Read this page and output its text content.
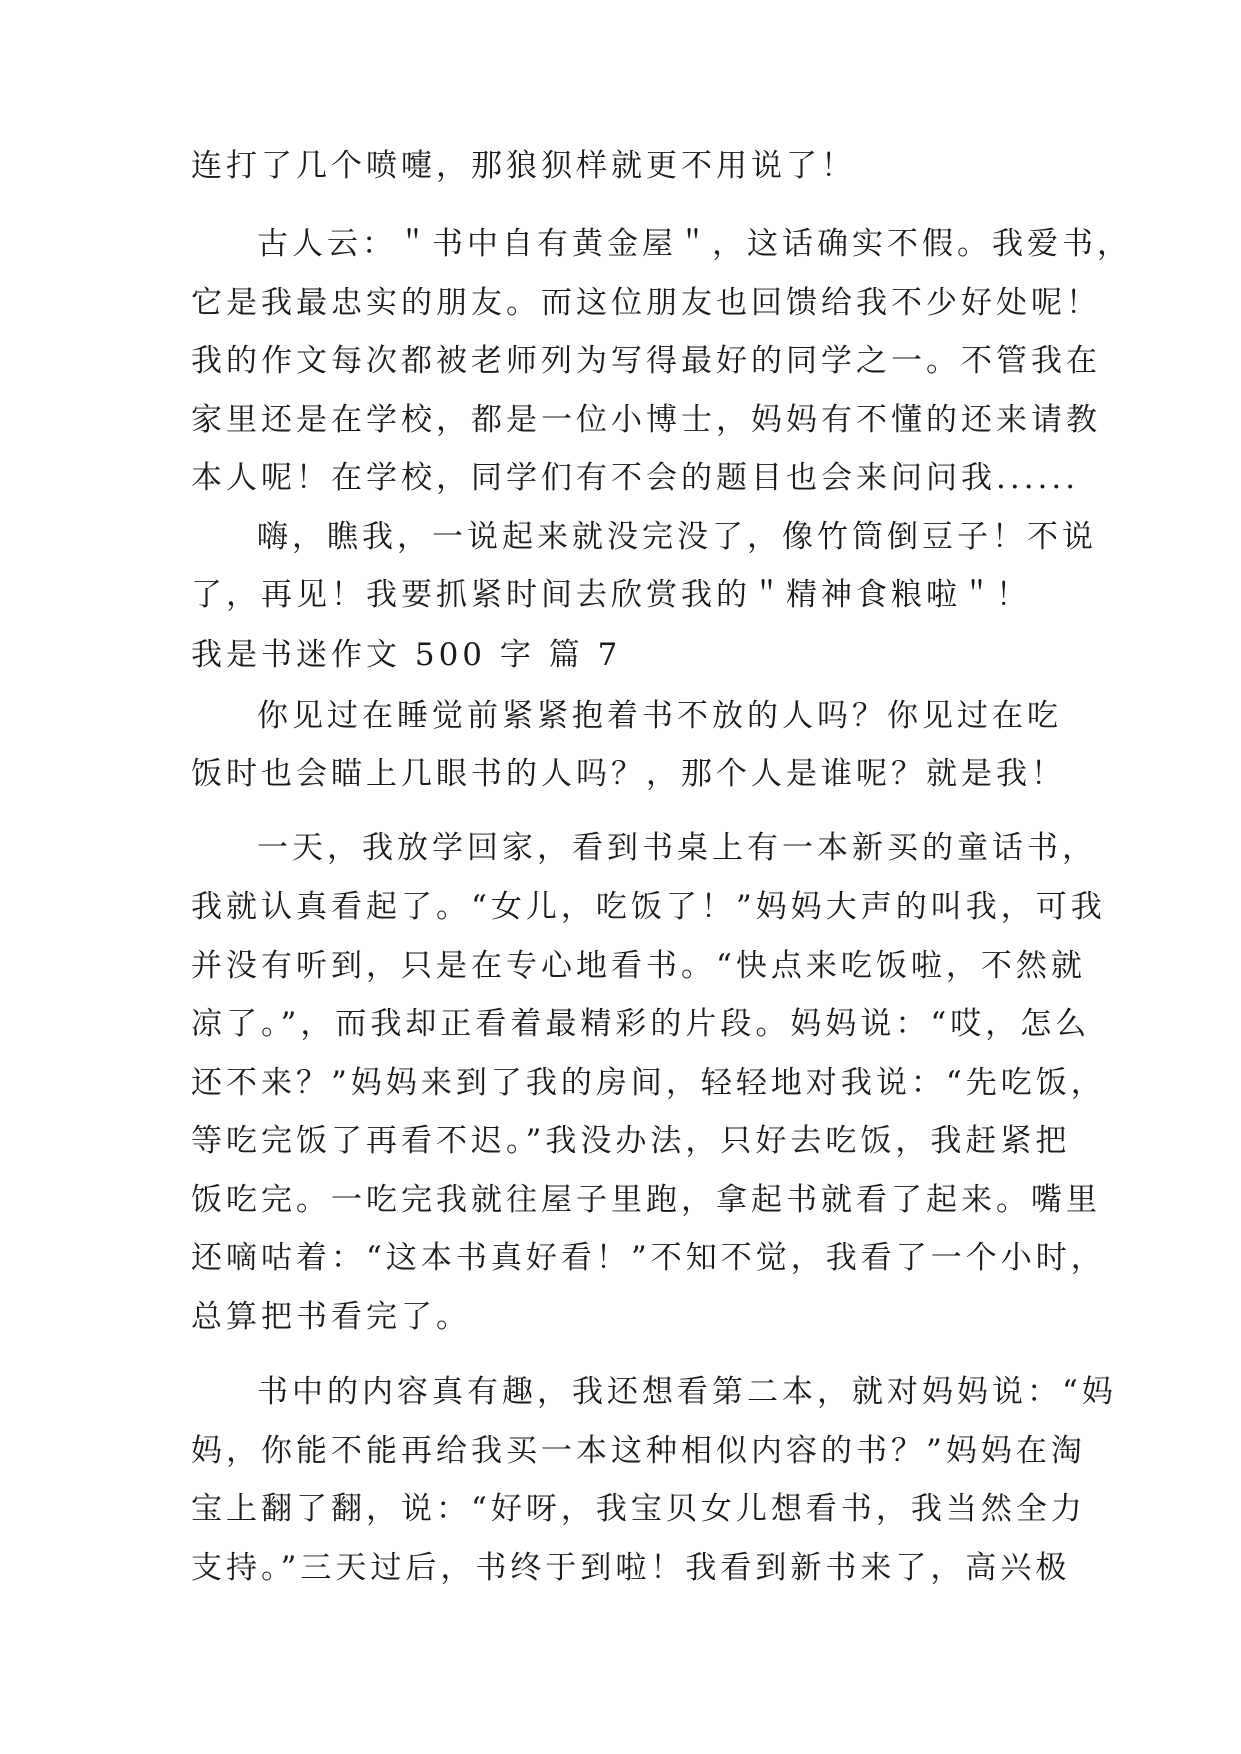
连打了几个喷嚏，那狼狈样就更不用说了！
古人云：＂书中自有黄金屋＂，这话确实不假。我爱书，
它是我最忠实的朋友。而这位朋友也回馈给我不少好处呢！
我的作文每次都被老师列为写得最好的同学之一。不管我在
家里还是在学校，都是一位小博士，妈妈有不懂的还来请教
本人呢！在学校，同学们有不会的题目也会来问问我......
嗨，瞧我，一说起来就没完没了，像竹筒倒豆子！不说
了，再见！我要抓紧时间去欣赏我的＂精神食粮啦＂！
我是书迷作文 500 字 篇 7
你见过在睡觉前紧紧抱着书不放的人吗？你见过在吃
饭时也会瞄上几眼书的人吗？，那个人是谁呢？就是我！
一天，我放学回家，看到书桌上有一本新买的童话书，
我就认真看起了。“女儿，吃饭了！”妈妈大声的叫我，可我
并没有听到，只是在专心地看书。“快点来吃饭啦，不然就
凉了。”，而我却正看着最精彩的片段。妈妈说：“哎，怎么
还不来？”妈妈来到了我的房间，轻轻地对我说：“先吃饭，
等吃完饭了再看不迟。”我没办法，只好去吃饭，我赶紧把
饭吃完。一吃完我就往屋子里跑，拿起书就看了起来。嘴里
还嘀咕着：“这本书真好看！”不知不觉，我看了一个小时，
总算把书看完了。
书中的内容真有趣，我还想看第二本，就对妈妈说：“妈
妈，你能不能再给我买一本这种相似内容的书？”妈妈在淘
宝上翻了翻，说：“好呀，我宝贝女儿想看书，我当然全力
支持。”三天过后，书终于到啦！我看到新书来了，高兴极
